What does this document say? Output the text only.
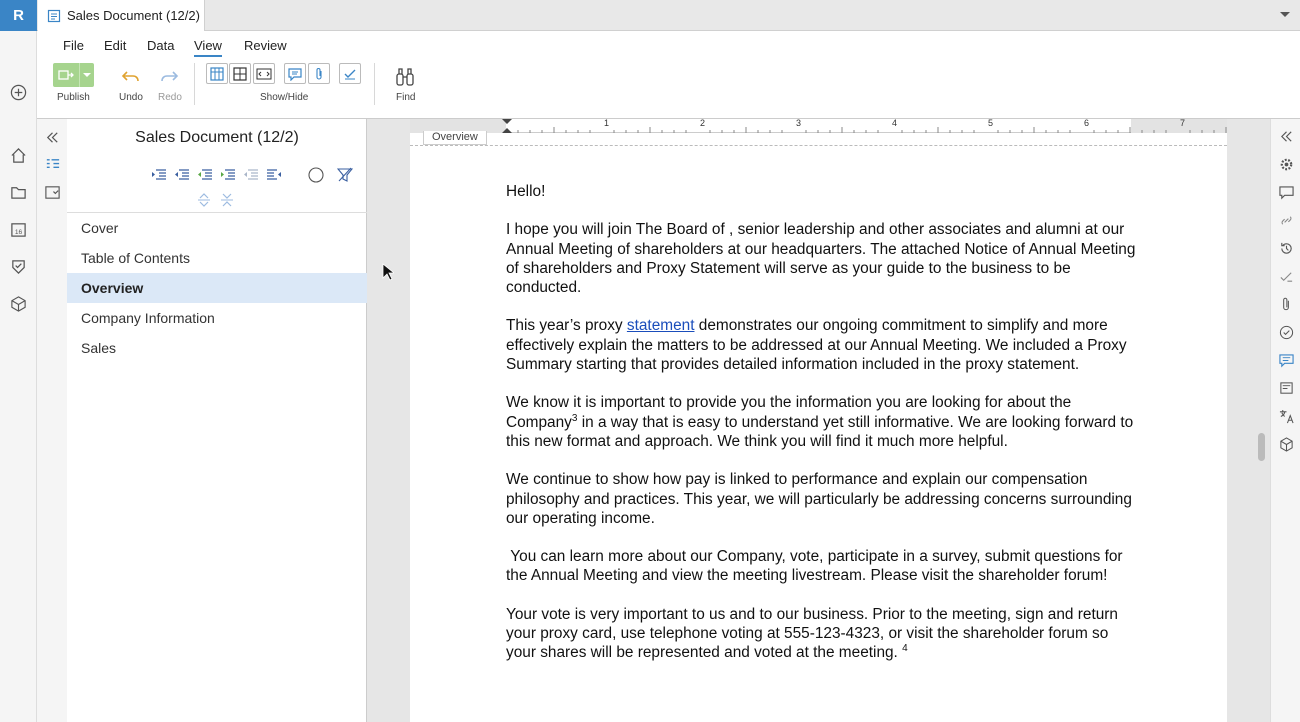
R
16
Sales Document (12/2)
File Edit Data View Review
Publish	Undo Redo	Show/Hide	Find
Sales Document (12/2)
Cover
Table of Contents
Overview
Company Information
Sales
1	2	3	4	5	6	7
Overview

Hello!

I hope you will join The Board of , senior leadership and other associates and alumni at our Annual Meeting of shareholders at our headquarters. The attached Notice of Annual Meeting of shareholders and Proxy Statement will serve as your guide to the business to be conducted.

This year’s proxy statement demonstrates our ongoing commitment to simplify and more effectively explain the matters to be addressed at our Annual Meeting. We included a Proxy Summary starting that provides detailed information included in the proxy statement.

We know it is important to provide you the information you are looking for about the Company$^3$ in a way that is easy to understand yet still informative. We are looking forward to this new format and approach. We think you will find it much more helpful.

We continue to show how pay is linked to performance and explain our compensation philosophy and practices. This year, we will particularly be addressing concerns surrounding our operating income.

You can learn more about our Company, vote, participate in a survey, submit questions for the Annual Meeting and view the meeting livestream. Please visit the shareholder forum!

Your vote is very important to us and to our business. Prior to the meeting, sign and return your proxy card, use telephone voting at 555-123-4323, or visit the shareholder forum so your shares will be represented and voted at the meeting. $^4$
